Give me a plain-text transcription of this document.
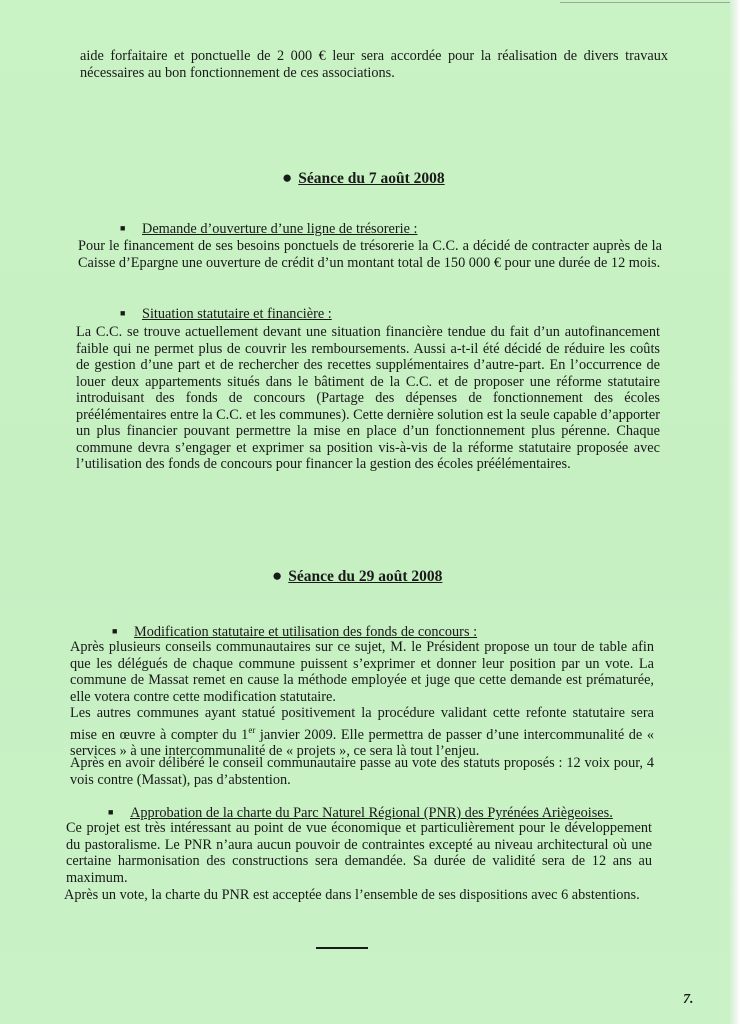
aide forfaitaire et ponctuelle de 2 000 € leur sera accordée pour la réalisation de divers travaux nécessaires au bon fonctionnement de ces associations.

● Séance du 7 août 2008
■ Demande d’ouverture d’une ligne de trésorerie :

Pour le financement de ses besoins ponctuels de trésorerie la C.C. a décidé de contracter auprès de la Caisse d’Epargne une ouverture de crédit d’un montant total de 150 000 € pour une durée de 12 mois.

■ Situation statutaire et financière :

La C.C. se trouve actuellement devant une situation financière tendue du fait d’un autofinancement faible qui ne permet plus de couvrir les remboursements. Aussi a-t-il été décidé de réduire les coûts de gestion d’une part et de rechercher des recettes supplémentaires d’autre-part. En l’occurrence de louer deux appartements situés dans le bâtiment de la C.C. et de proposer une réforme statutaire introduisant des fonds de concours (Partage des dépenses de fonctionnement des écoles préélémentaires entre la C.C. et les communes). Cette dernière solution est la seule capable d’apporter un plus financier pouvant permettre la mise en place d’un fonctionnement plus pérenne. Chaque commune devra s’engager et exprimer sa position vis-à-vis de la réforme statutaire proposée avec l’utilisation des fonds de concours pour financer la gestion des écoles préélémentaires.

● Séance du 29 août 2008
■ Modification statutaire et utilisation des fonds de concours :

Après plusieurs conseils communautaires sur ce sujet, M. le Président propose un tour de table afin que les délégués de chaque commune puissent s’exprimer et donner leur position par un vote. La commune de Massat remet en cause la méthode employée et juge que cette demande est prématurée, elle votera contre cette modification statutaire.

Les autres communes ayant statué positivement la procédure validant cette refonte statutaire sera mise en œuvre à compter du 1er janvier 2009. Elle permettra de passer d’une intercommunalité de « services » à une intercommunalité de « projets », ce sera là tout l’enjeu.

Après en avoir délibéré le conseil communautaire passe au vote des statuts proposés : 12 voix pour, 4 vois contre (Massat), pas d’abstention.

■ Approbation de la charte du Parc Naturel Régional (PNR) des Pyrénées Ariègeoises.

Ce projet est très intéressant au point de vue économique et particulièrement pour le développement du pastoralisme. Le PNR n’aura aucun pouvoir de contraintes excepté au niveau architectural où une certaine harmonisation des constructions sera demandée. Sa durée de validité sera de 12 ans au maximum.

Après un vote, la charte du PNR est acceptée dans l’ensemble de ses dispositions avec 6 abstentions.

7.
